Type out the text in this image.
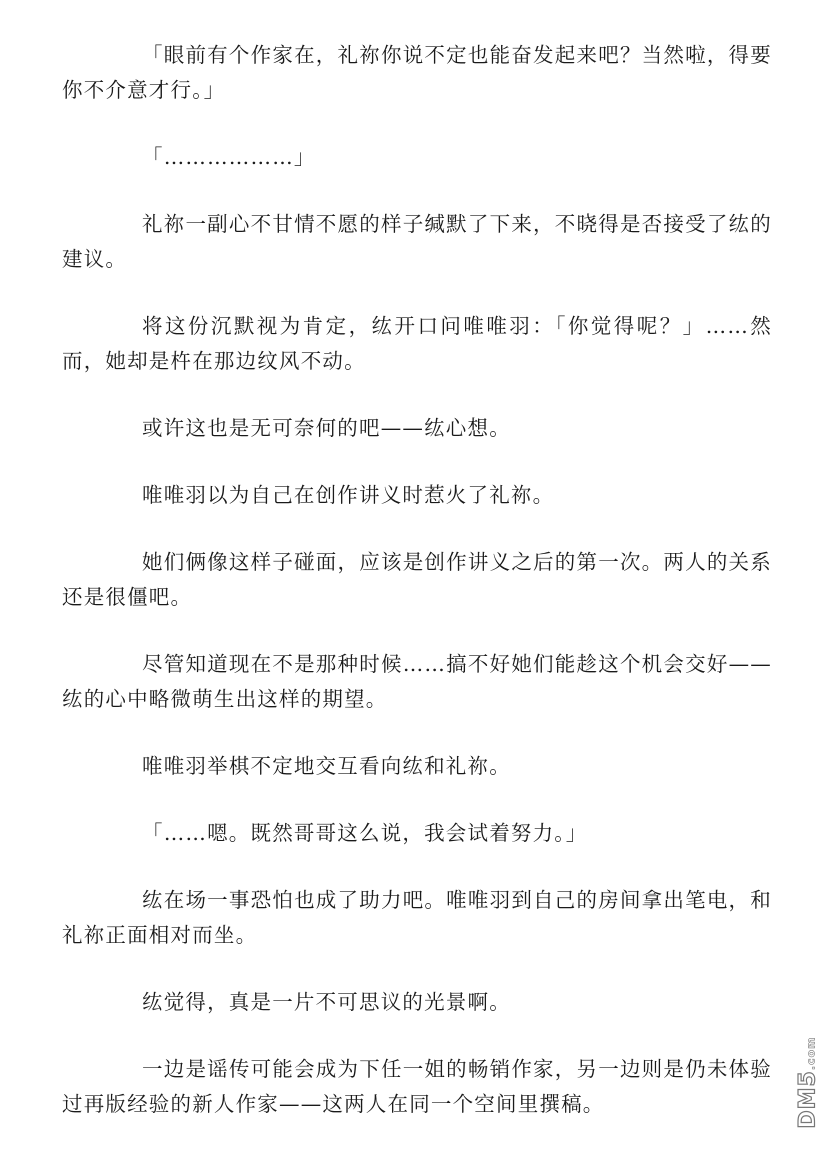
「眼前有个作家在，礼祢你说不定也能奋发起来吧？当然啦，得要你不介意才行。」

「………………」

礼祢一副心不甘情不愿的样子缄默了下来，不晓得是否接受了纮的建议。

将这份沉默视为肯定，纮开口问唯唯羽：「你觉得呢？」……然而，她却是杵在那边纹风不动。

或许这也是无可奈何的吧——纮心想。

唯唯羽以为自己在创作讲义时惹火了礼祢。

她们俩像这样子碰面，应该是创作讲义之后的第一次。两人的关系还是很僵吧。

尽管知道现在不是那种时候……搞不好她们能趁这个机会交好——纮的心中略微萌生出这样的期望。

唯唯羽举棋不定地交互看向纮和礼祢。

「……嗯。既然哥哥这么说，我会试着努力。」

纮在场一事恐怕也成了助力吧。唯唯羽到自己的房间拿出笔电，和礼祢正面相对而坐。

纮觉得，真是一片不可思议的光景啊。

一边是谣传可能会成为下任一姐的畅销作家，另一边则是仍未体验过再版经验的新人作家——这两人在同一个空间里撰稿。	DM5.com
